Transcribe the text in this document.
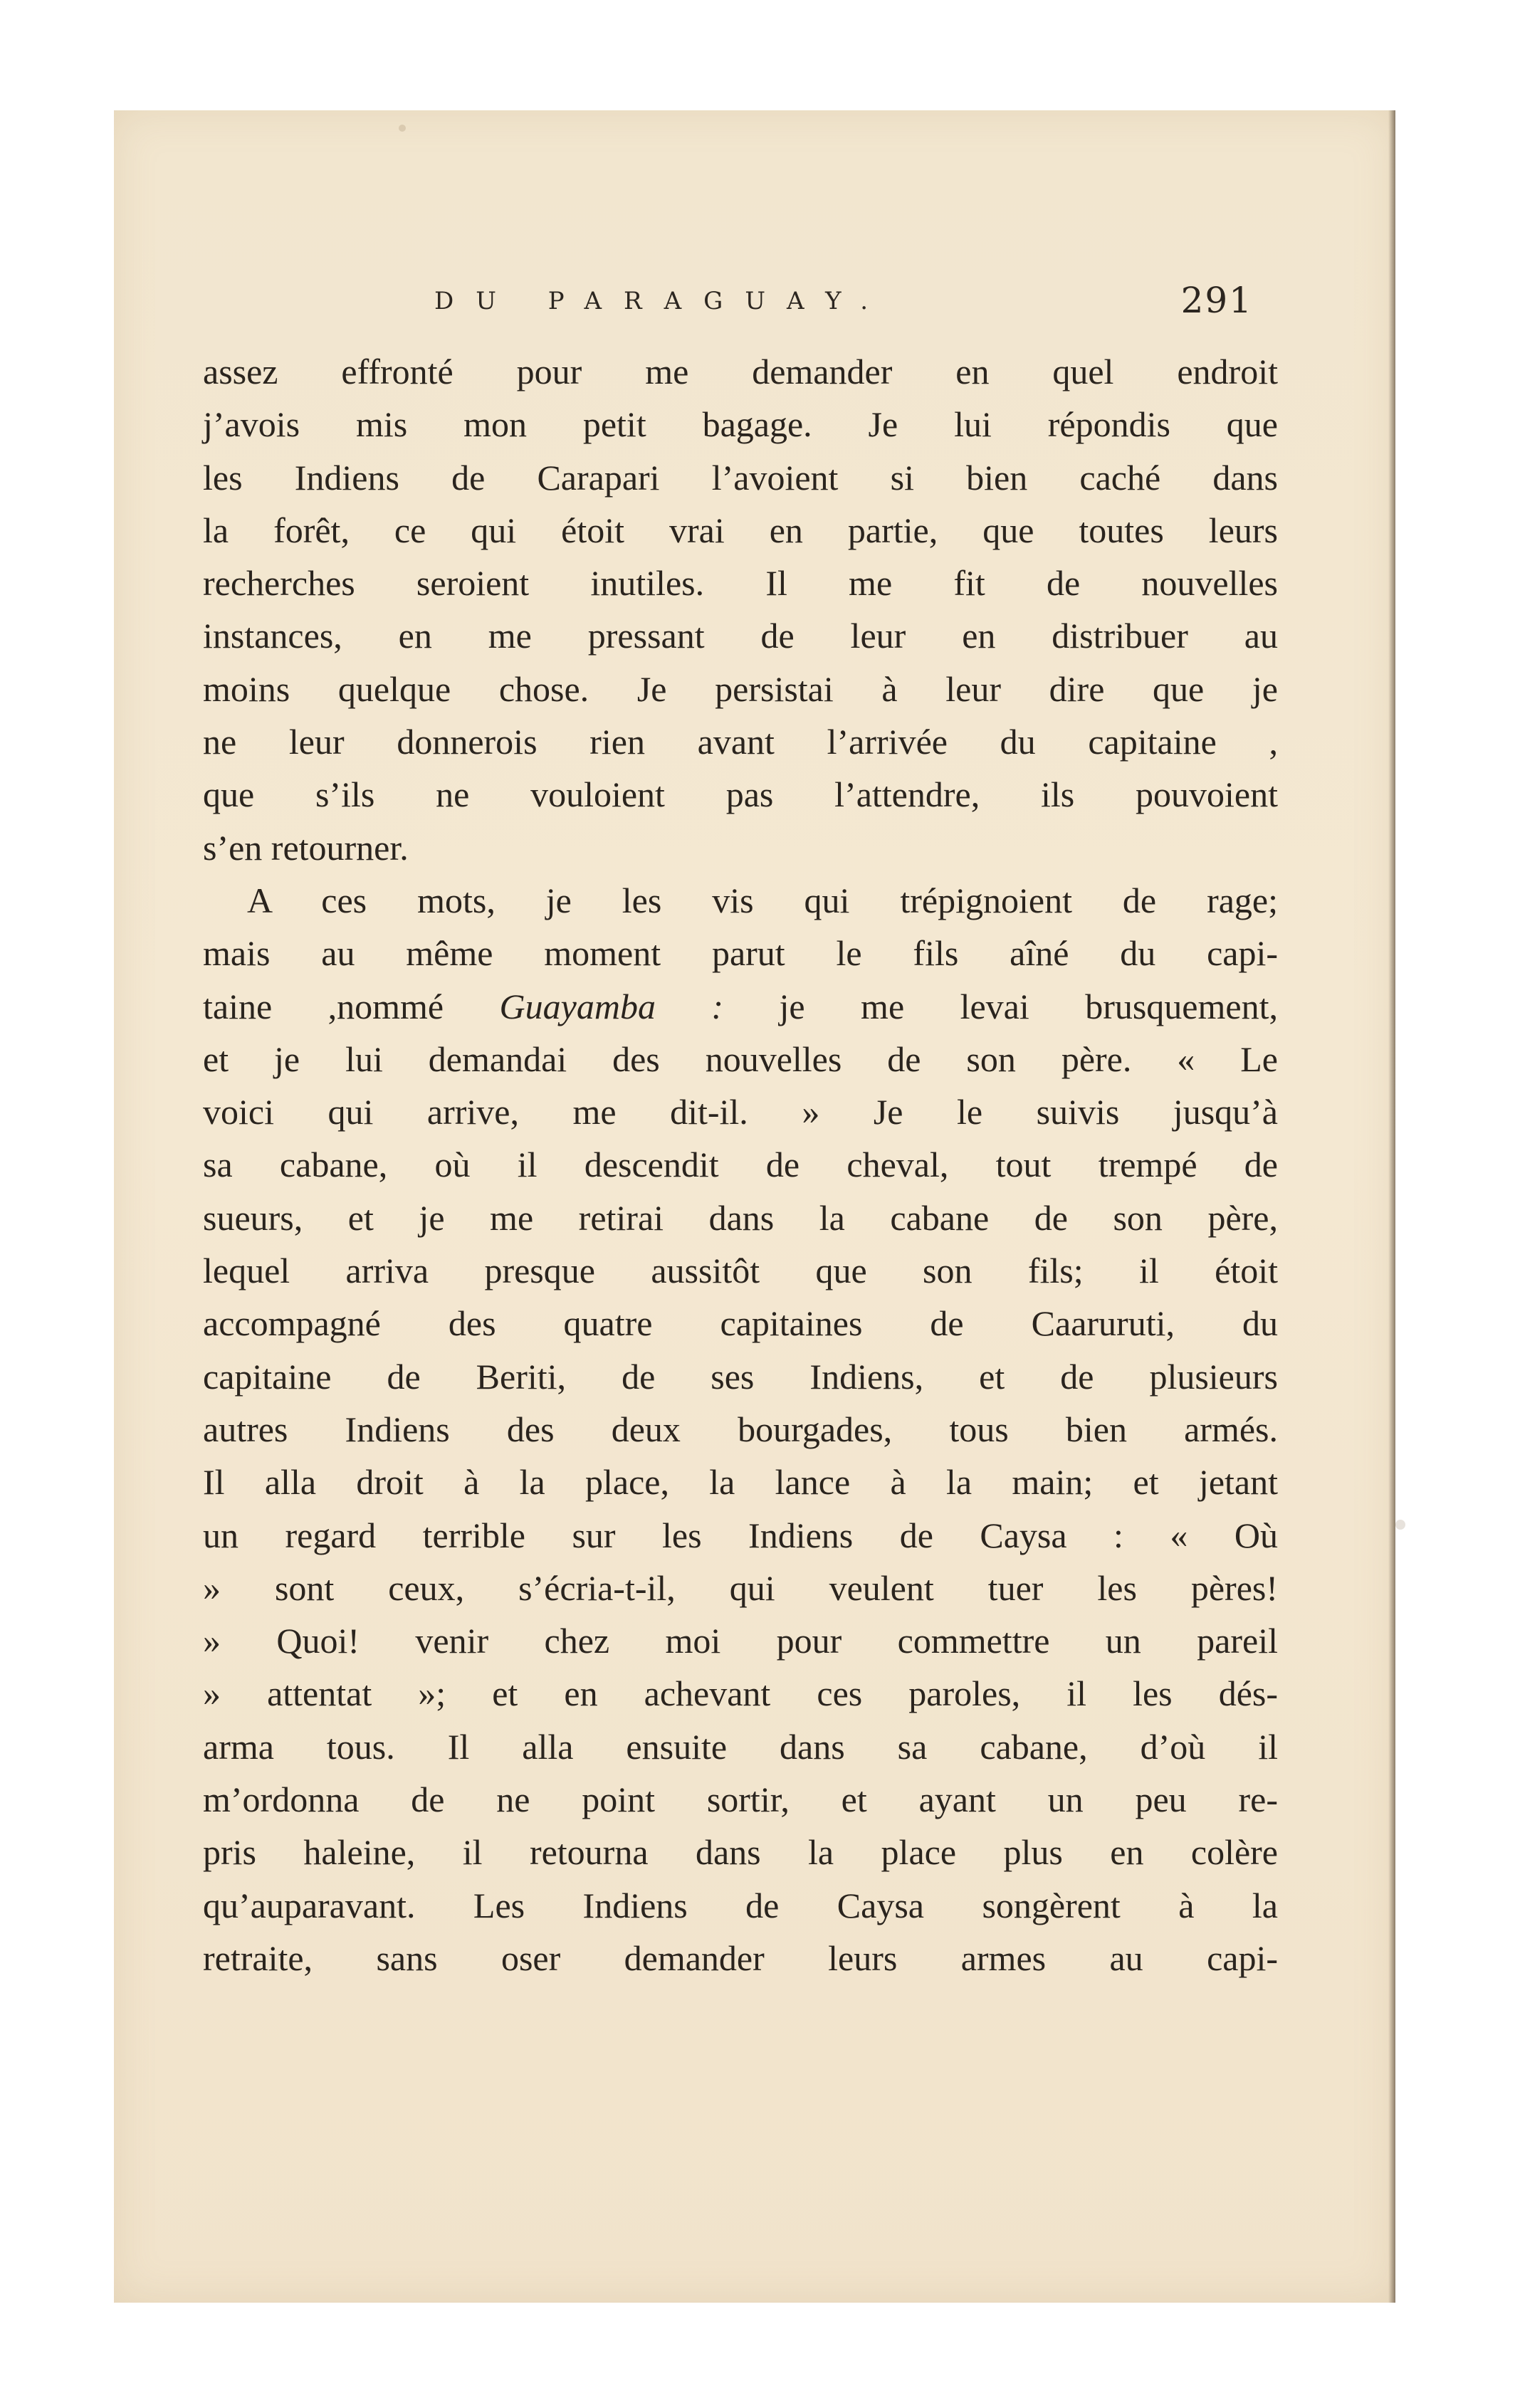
DU PARAGUAY.	291
assez effronté pour me demander en quel endroit
j’avois mis mon petit bagage. Je lui répondis que
les Indiens de Carapari l’avoient si bien caché dans
la forêt, ce qui étoit vrai en partie, que toutes leurs
recherches seroient inutiles. Il me fit de nouvelles
instances, en me pressant de leur en distribuer au
moins quelque chose. Je persistai à leur dire que je
ne leur donnerois rien avant l’arrivée du capitaine ,
que s’ils ne vouloient pas l’attendre, ils pouvoient
s’en retourner.
A ces mots, je les vis qui trépignoient de rage;
mais au même moment parut le fils aîné du capi-
taine ,nommé Guayamba : je me levai brusquement,
et je lui demandai des nouvelles de son père. « Le
voici qui arrive, me dit-il. » Je le suivis jusqu’à
sa cabane, où il descendit de cheval, tout trempé de
sueurs, et je me retirai dans la cabane de son père,
lequel arriva presque aussitôt que son fils; il étoit
accompagné des quatre capitaines de Caaruruti, du
capitaine de Beriti, de ses Indiens, et de plusieurs
autres Indiens des deux bourgades, tous bien armés.
Il alla droit à la place, la lance à la main; et jetant
un regard terrible sur les Indiens de Caysa : « Où
» sont ceux, s’écria-t-il, qui veulent tuer les pères!
» Quoi! venir chez moi pour commettre un pareil
» attentat »; et en achevant ces paroles, il les dés-
arma tous. Il alla ensuite dans sa cabane, d’où il
m’ordonna de ne point sortir, et ayant un peu re-
pris haleine, il retourna dans la place plus en colère
qu’auparavant. Les Indiens de Caysa songèrent à la
retraite, sans oser demander leurs armes au capi-
